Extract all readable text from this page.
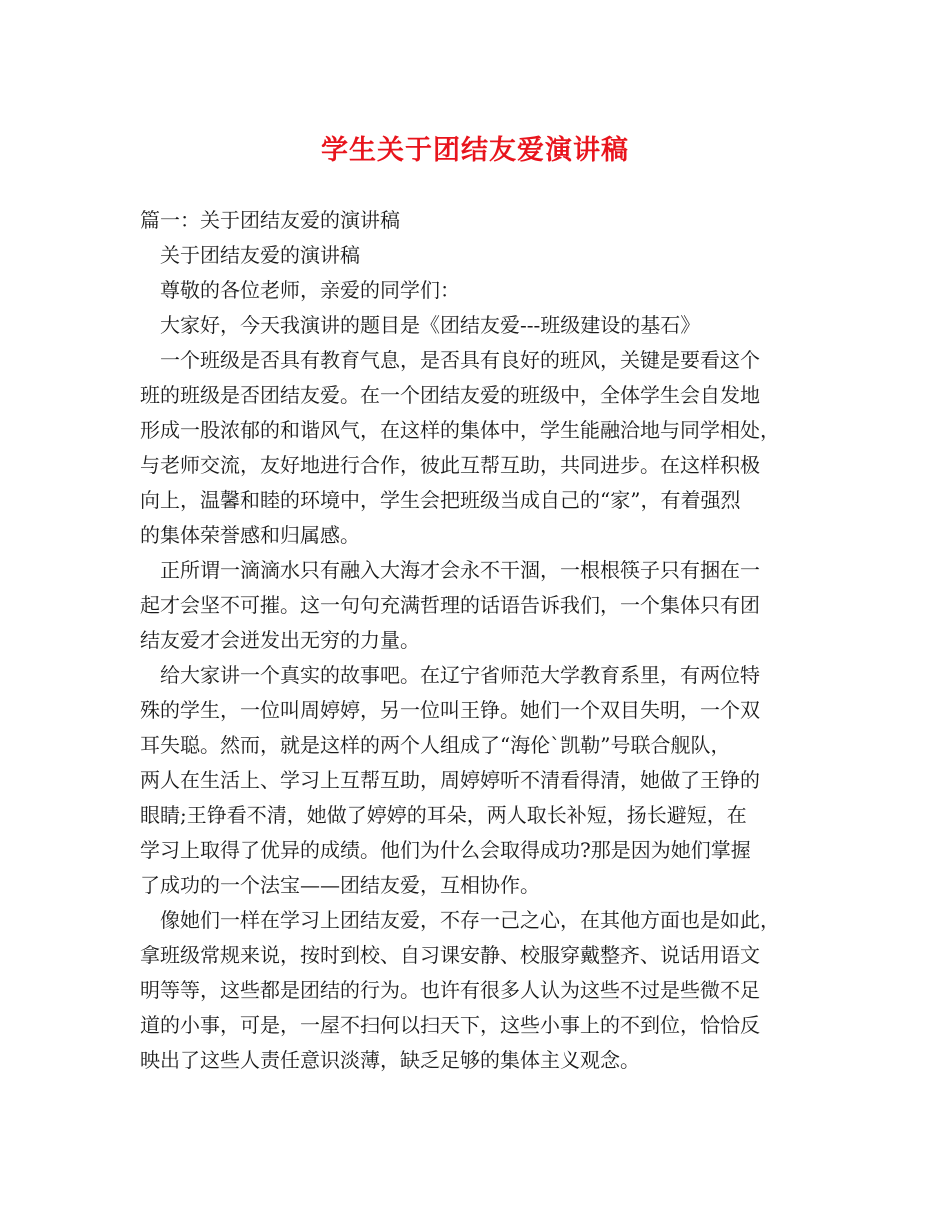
学生关于团结友爱演讲稿
篇一：关于团结友爱的演讲稿
　关于团结友爱的演讲稿
　尊敬的各位老师，亲爱的同学们：
　大家好，今天我演讲的题目是《团结友爱---班级建设的基石》
　一个班级是否具有教育气息，是否具有良好的班风，关键是要看这个
班的班级是否团结友爱。在一个团结友爱的班级中，全体学生会自发地
形成一股浓郁的和谐风气，在这样的集体中，学生能融洽地与同学相处，
与老师交流，友好地进行合作，彼此互帮互助，共同进步。在这样积极
向上，温馨和睦的环境中，学生会把班级当成自己的“家”，有着强烈
的集体荣誉感和归属感。
　正所谓一滴滴水只有融入大海才会永不干涸，一根根筷子只有捆在一
起才会坚不可摧。这一句句充满哲理的话语告诉我们，一个集体只有团
结友爱才会迸发出无穷的力量。
　给大家讲一个真实的故事吧。在辽宁省师范大学教育系里，有两位特
殊的学生，一位叫周婷婷，另一位叫王铮。她们一个双目失明，一个双
耳失聪。然而，就是这样的两个人组成了“海伦`凯勒”号联合舰队，
两人在生活上、学习上互帮互助，周婷婷听不清看得清，她做了王铮的
眼睛;王铮看不清，她做了婷婷的耳朵，两人取长补短，扬长避短，在
学习上取得了优异的成绩。他们为什么会取得成功?那是因为她们掌握
了成功的一个法宝——团结友爱，互相协作。
　像她们一样在学习上团结友爱，不存一己之心，在其他方面也是如此，
拿班级常规来说，按时到校、自习课安静、校服穿戴整齐、说话用语文
明等等，这些都是团结的行为。也许有很多人认为这些不过是些微不足
道的小事，可是，一屋不扫何以扫天下，这些小事上的不到位，恰恰反
映出了这些人责任意识淡薄，缺乏足够的集体主义观念。
